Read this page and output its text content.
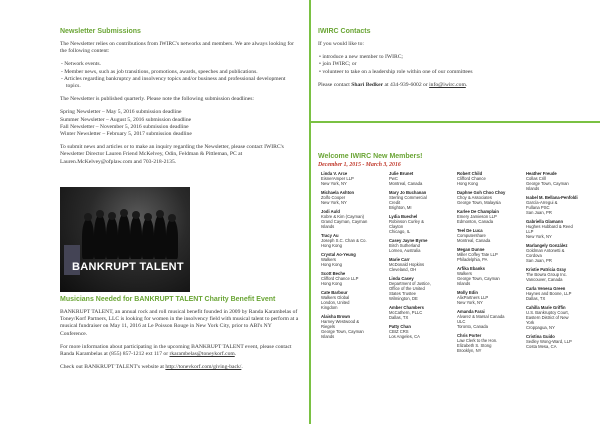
Newsletter Submissions

The Newsletter relies on contributions from IWIRC's networks and members. We are always looking for the following content:

- Network events.
- Member news, such as job transitions, promotions, awards, speeches and publications.
- Articles regarding bankruptcy and insolvency topics and/or business and professional development topics.

The Newsletter is published quarterly. Please note the following submission deadlines:

Spring Newsletter – May 5, 2016 submission deadline

Summer Newsletter – August 5, 2016 submission deadline

Fall Newsletter – November 5, 2016 submission deadline

Winter Newsletter – February 5, 2017 submission deadline

To submit news and articles or to make an inquiry regarding the Newsletter, please contact IWIRC's Newsletter Director Lauren Friend McKelvey, Odin, Feldman & Pittleman, PC at Lauren.McKelvey@ofplaw.com and 703-218-2135.

BANKRUPT TALENT
Musicians Needed for BANKRUPT TALENT Charity Benefit Event

BANKRUPT TALENT, an annual rock and roll musical benefit founded in 2009 by Randa Karambelas of Toney/Korf Partners, LLC is looking for women in the insolvency field with musical talent to perform at a musical fundraiser on May 11, 2016 at Le Poisson Rouge in New York City, prior to ABI's NY Conference.

For more information about participating in the upcoming BANKRUPT TALENT event, please contact Randa Karambelas at (855) 857-1212 ext 117 or rkarambelas@toneykorf.com.

Check out BANKRUPT TALENT's website at http://tonevkorf.com/giving-back/.

IWIRC Contacts

If you would like to:

• introduce a new member to IWIRC;
• join IWIRC; or
• volunteer to take on a leadership role within one of our committees

Please contact Shari Bedker at 434-939-6002 or info@iwirc.com.

Welcome IWIRC New Members!

December 1, 2015 - March 3, 2016

Linda V. Arce
EisnerAmper LLP
New York, NY
Michaela Ashton
Zolfo Cooper
New York, NY
Jodi Auld
Kobre & Kim (Cayman)
Grand Cayman, Cayman
Islands
Tracy Au
Joseph S.C. Chan & Co.
Hong Kong
Crystal Ao-Yeung
Walkers
Hong Kong
Scott Beche
Clifford Chance LLP
Hong Kong
Cate Barbour
Walkers Global
London, United
Kingdom
Alaisha Brown
Harney Westwood &
Riegels
George Town, Cayman
Islands
Julie Brunet
PwC
Montreal, Canada
Mary Jo Buchanan
Sterling Commercial
Credit
Brighton, MI
Lydia Buechel
Robinson Curley &
Clayton
Chicago, IL
Casey Jayne Byrne
Birch Sutherland
Lorneo, Australia
Marie Carr
McDonald Hopkins
Cleveland, OH
Linda Casey
Department of Justice,
Office of the United
States Trustee
Wilmington, DE
Amber Chambers
McCathern, PLLC
Dallas, TX
Patty Chan
CBIZ CRS
Los Angeles, CA
Robert Child
Clifford Chance
Hong Kong
Daphne Goh Choo Choy
Choy & Associates
George Town, Malaysia
Karlee De Champlain
Emery Jamieson LLP
Edmonton, Canada
Teel De Luca
Computershare
Montreal, Canada
Megan Dunne
Miller Coffey Tate LLP
Philadelphia, PA
Arfika Ebanks
Walkers
George Town, Cayman
Islands
Molly Edin
AlixPartners LLP
New York, NY
Amanda Farai
Alvarez & Marsal Canada
ULC
Toronto, Canada
Chris Porter
Law Clerk to the Hon.
Elizabeth S. Stong
Brooklyn, NY
Heather Freude
Collas Crill
George Town, Cayman
Islands
Isabel M. Bellana-Penfoldi
García-Arregui &
Fullana PSC
San Juan, PR
Gabriella Glamann
Hughes Hubbard & Reed
LLP
New York, NY
Marlangely González
Goldman Antonetti &
Cordova
San Juan, PR
Kristie Patricia Gray
The Bowra Group Inc.
Vancouver, Canada
Carla Venesa Green
Haynes and Boone, LLP
Dallas, TX
Cahilla Marie Griffin
U.S. Bankruptcy Court,
Eastern District of New
York
Croppagua, NY
Cristina Guido
Sedley Wong-Ward, LLP
Costa Mesa, CA
